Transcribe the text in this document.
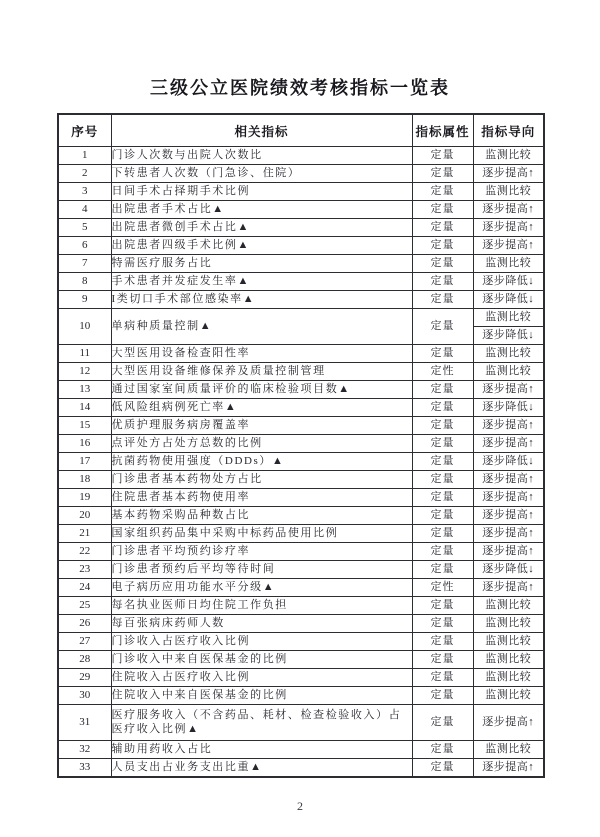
三级公立医院绩效考核指标一览表
序号	相关指标	指标属性	指标导向
1	门诊人次数与出院人次数比	定量	监测比较
2	下转患者人次数（门急诊、住院）	定量	逐步提高↑
3	日间手术占择期手术比例	定量	监测比较
4	出院患者手术占比▲	定量	逐步提高↑
5	出院患者微创手术占比▲	定量	逐步提高↑
6	出院患者四级手术比例▲	定量	逐步提高↑
7	特需医疗服务占比	定量	监测比较
8	手术患者并发症发生率▲	定量	逐步降低↓
9	I类切口手术部位感染率▲	定量	逐步降低↓
10	单病种质量控制▲	定量	监测比较
			逐步降低↓
11	大型医用设备检查阳性率	定量	监测比较
12	大型医用设备维修保养及质量控制管理	定性	监测比较
13	通过国家室间质量评价的临床检验项目数▲	定量	逐步提高↑
14	低风险组病例死亡率▲	定量	逐步降低↓
15	优质护理服务病房覆盖率	定量	逐步提高↑
16	点评处方占处方总数的比例	定量	逐步提高↑
17	抗菌药物使用强度（DDDs）▲	定量	逐步降低↓
18	门诊患者基本药物处方占比	定量	逐步提高↑
19	住院患者基本药物使用率	定量	逐步提高↑
20	基本药物采购品种数占比	定量	逐步提高↑
21	国家组织药品集中采购中标药品使用比例	定量	逐步提高↑
22	门诊患者平均预约诊疗率	定量	逐步提高↑
23	门诊患者预约后平均等待时间	定量	逐步降低↓
24	电子病历应用功能水平分级▲	定性	逐步提高↑
25	每名执业医师日均住院工作负担	定量	监测比较
26	每百张病床药师人数	定量	监测比较
27	门诊收入占医疗收入比例	定量	监测比较
28	门诊收入中来自医保基金的比例	定量	监测比较
29	住院收入占医疗收入比例	定量	监测比较
30	住院收入中来自医保基金的比例	定量	监测比较
31	医疗服务收入（不含药品、耗材、检查检验收入）占医疗收入比例▲	定量	逐步提高↑
32	辅助用药收入占比	定量	监测比较
33	人员支出占业务支出比重▲	定量	逐步提高↑
2
